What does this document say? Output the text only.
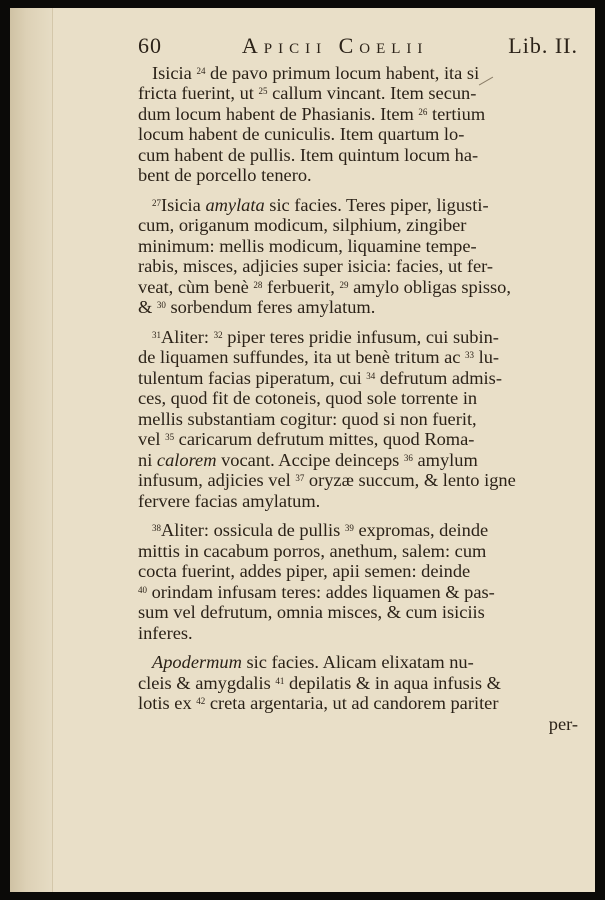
60	Apicii Coelii	Lib. II.

Isicia $^{24}$ de pavo primum locum habent, ita si
fricta fuerint, ut $^{25}$ callum vincant. Item secun-
dum locum habent de Phasianis. Item $^{26}$ tertium
locum habent de cuniculis. Item quartum lo-
cum habent de pullis. Item quintum locum ha-
bent de porcello tenero.

$^{27}$Isicia amylata sic facies. Teres piper, ligusti-
cum, origanum modicum, silphium, zingiber
minimum: mellis modicum, liquamine tempe-
rabis, misces, adjicies super isicia: facies, ut fer-
veat, cùm benè $^{28}$ ferbuerit, $^{29}$ amylo obligas spisso,
& $^{30}$ sorbendum feres amylatum.

$^{31}$Aliter: $^{32}$ piper teres pridie infusum, cui subin-
de liquamen suffundes, ita ut benè tritum ac $^{33}$ lu-
tulentum facias piperatum, cui $^{34}$ defrutum admis-
ces, quod fit de cotoneis, quod sole torrente in
mellis substantiam cogitur: quod si non fuerit,
vel $^{35}$ caricarum defrutum mittes, quod Roma-
ni calorem vocant. Accipe deinceps $^{36}$ amylum
infusum, adjicies vel $^{37}$ oryzæ succum, & lento igne
fervere facias amylatum.

$^{38}$Aliter: ossicula de pullis $^{39}$ expromas, deinde
mittis in cacabum porros, anethum, salem: cum
cocta fuerint, addes piper, apii semen: deinde
$^{40}$ orindam infusam teres: addes liquamen & pas-
sum vel defrutum, omnia misces, & cum isiciis
inferes.

Apodermum sic facies. Alicam elixatam nu-
cleis & amygdalis $^{41}$ depilatis & in aqua infusis &
lotis ex $^{42}$ creta argentaria, ut ad candorem pariter

per-
